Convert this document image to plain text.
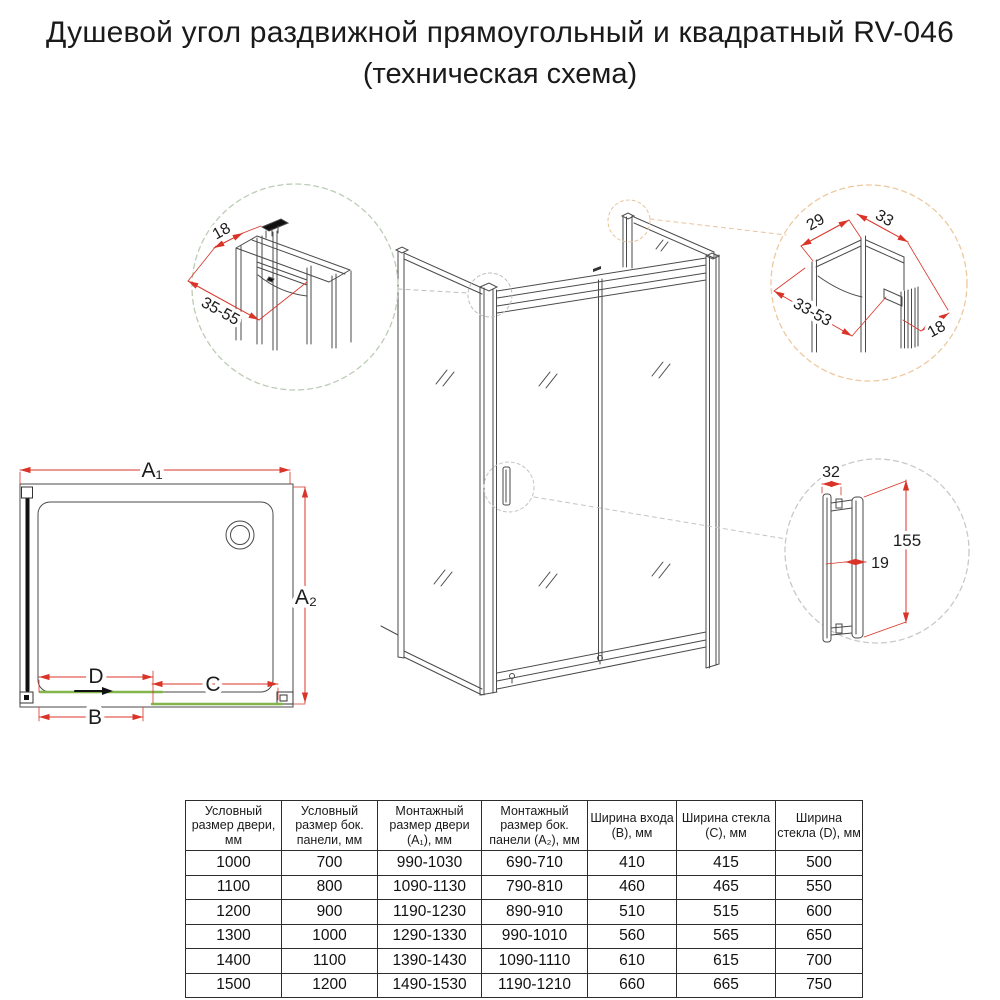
Душевой угол раздвижной прямоугольный и квадратный RV-046
(техническая схема)
18
35-55
29	33
33-53	18
32
155
19
A₁
A₂
D	C
B
Условный размер двери, мм	Условный размер бок. панели, мм	Монтажный размер двери (A₁), мм	Монтажный размер бок. панели (A₂), мм	Ширина входа (B), мм	Ширина стекла (C), мм	Ширина стекла (D), мм
1000	700	990-1030	690-710	410	415	500
1100	800	1090-1130	790-810	460	465	550
1200	900	1190-1230	890-910	510	515	600
1300	1000	1290-1330	990-1010	560	565	650
1400	1100	1390-1430	1090-1110	610	615	700
1500	1200	1490-1530	1190-1210	660	665	750
